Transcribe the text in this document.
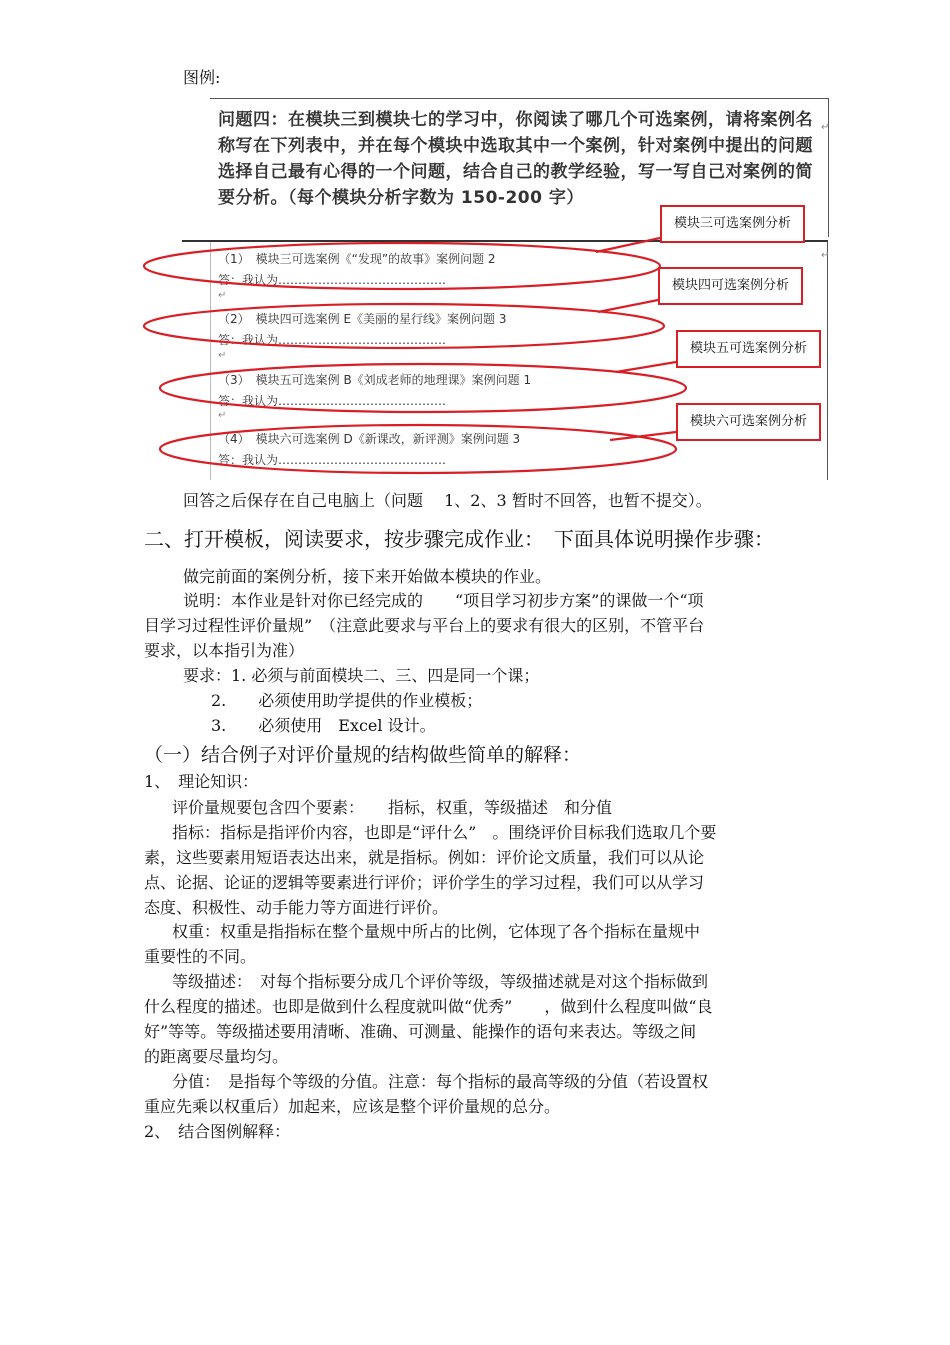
图例:
问题四：在模块三到模块七的学习中，你阅读了哪几个可选案例，请将案例名称写在下列表中，并在每个模块中选取其中一个案例，针对案例中提出的问题选择自己最有心得的一个问题，结合自己的教学经验，写一写自己对案例的简要分析。（每个模块分析字数为 150-200 字）
（1）　模块三可选案例《“发现”的故事》案例问题 2
答：我认为……………………………………
（2）　模块四可选案例 E《美丽的星行线》案例问题 3
答：我认为……………………………………
（3）　模块五可选案例 B《刘成老师的地理课》案例问题 1
答：我认为……………………………………
（4）　模块六可选案例 D《新课改，新评测》案例问题 3
答：我认为……………………………………
↵
↵
↵
↵
↵
模块三可选案例分析
模块四可选案例分析
模块五可选案例分析
模块六可选案例分析
回答之后保存在自己电脑上（问题　 1、2、3 暂时不回答，也暂不提交）。
二、打开模板，阅读要求，按步骤完成作业：　下面具体说明操作步骤：
做完前面的案例分析，接下来开始做本模块的作业。
说明：本作业是针对你已经完成的　　“项目学习初步方案”的课做一个“项
目学习过程性评价量规”　（注意此要求与平台上的要求有很大的区别，不管平台
要求，以本指引为准）
要求：1. 必须与前面模块二、三、四是同一个课；
2.　　必须使用助学提供的作业模板；
3.　　必须使用　Excel 设计。
（一）结合例子对评价量规的结构做些简单的解释：
1、　理论知识：
评价量规要包含四个要素：　　指标，权重，等级描述　和分值
指标：指标是指评价内容，也即是“评什么”　。围绕评价目标我们选取几个要
素，这些要素用短语表达出来，就是指标。例如：评价论文质量，我们可以从论
点、论据、论证的逻辑等要素进行评价；评价学生的学习过程，我们可以从学习
态度、积极性、动手能力等方面进行评价。
权重：权重是指指标在整个量规中所占的比例，它体现了各个指标在量规中
重要性的不同。
等级描述：　对每个指标要分成几个评价等级，等级描述就是对这个指标做到
什么程度的描述。也即是做到什么程度就叫做“优秀”　　，做到什么程度叫做“良
好”等等。等级描述要用清晰、准确、可测量、能操作的语句来表达。等级之间
的距离要尽量均匀。
分值：　是指每个等级的分值。注意：每个指标的最高等级的分值（若设置权
重应先乘以权重后）加起来，应该是整个评价量规的总分。
2、　结合图例解释：
